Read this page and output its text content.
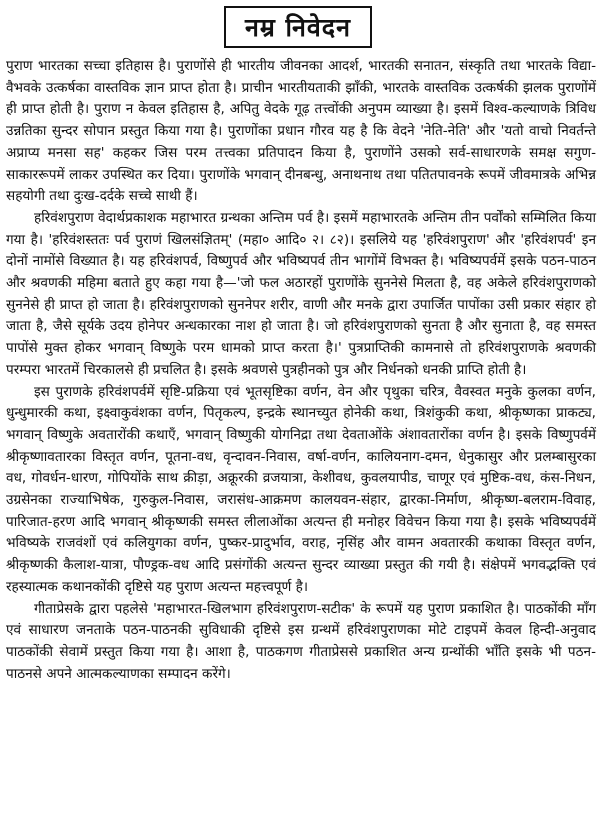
नम्र निवेदन

पुराण भारतका सच्चा इतिहास है। पुराणोंसे ही भारतीय जीवनका आदर्श, भारतकी सनातन, संस्कृति तथा भारतके विद्या-वैभवके उत्कर्षका वास्तविक ज्ञान प्राप्त होता है। प्राचीन भारतीयताकी झाँकी, भारतके वास्तविक उत्कर्षकी झलक पुराणोंमें ही प्राप्त होती है। पुराण न केवल इतिहास है, अपितु वेदके गूढ़ तत्त्वोंकी अनुपम व्याख्या है। इसमें विश्व-कल्याणके त्रिविध उन्नतिका सुन्दर सोपान प्रस्तुत किया गया है। पुराणोंका प्रधान गौरव यह है कि वेदने 'नेति-नेति' और 'यतो वाचो निवर्तन्ते अप्राप्य मनसा सह' कहकर जिस परम तत्त्वका प्रतिपादन किया है, पुराणोंने उसको सर्व-साधारणके समक्ष सगुण-साकाररूपमें लाकर उपस्थित कर दिया। पुराणोंके भगवान् दीनबन्धु, अनाथनाथ तथा पतितपावनके रूपमें जीवमात्रके अभिन्न सहयोगी तथा दुःख-दर्दके सच्चे साथी हैं।

हरिवंशपुराण वेदार्थप्रकाशक महाभारत ग्रन्थका अन्तिम पर्व है। इसमें महाभारतके अन्तिम तीन पर्वोंको सम्मिलित किया गया है। 'हरिवंशस्ततः पर्व पुराणं खिलसंज्ञितम्' (महा० आदि० २। ८२)। इसलिये यह 'हरिवंशपुराण' और 'हरिवंशपर्व' इन दोनों नामोंसे विख्यात है। यह हरिवंशपर्व, विष्णुपर्व और भविष्यपर्व तीन भागोंमें विभक्त है। भविष्यपर्वमें इसके पठन-पाठन और श्रवणकी महिमा बताते हुए कहा गया है—'जो फल अठारहों पुराणोंके सुननेसे मिलता है, वह अकेले हरिवंशपुराणको सुननेसे ही प्राप्त हो जाता है। हरिवंशपुराणको सुननेपर शरीर, वाणी और मनके द्वारा उपार्जित पापोंका उसी प्रकार संहार हो जाता है, जैसे सूर्यके उदय होनेपर अन्धकारका नाश हो जाता है। जो हरिवंशपुराणको सुनता है और सुनाता है, वह समस्त पापोंसे मुक्त होकर भगवान् विष्णुके परम धामको प्राप्त करता है।' पुत्रप्राप्तिकी कामनासे तो हरिवंशपुराणके श्रवणकी परम्परा भारतमें चिरकालसे ही प्रचलित है। इसके श्रवणसे पुत्रहीनको पुत्र और निर्धनको धनकी प्राप्ति होती है।

इस पुराणके हरिवंशपर्वमें सृष्टि-प्रक्रिया एवं भूतसृष्टिका वर्णन, वेन और पृथुका चरित्र, वैवस्वत मनुके कुलका वर्णन, धुन्धुमारकी कथा, इक्ष्वाकुवंशका वर्णन, पितृकल्प, इन्द्रके स्थानच्युत होनेकी कथा, त्रिशंकुकी कथा, श्रीकृष्णका प्राकट्य, भगवान् विष्णुके अवतारोंकी कथाएँ, भगवान् विष्णुकी योगनिद्रा तथा देवताओंके अंशावतारोंका वर्णन है। इसके विष्णुपर्वमें श्रीकृष्णावतारका विस्तृत वर्णन, पूतना-वध, वृन्दावन-निवास, वर्षा-वर्णन, कालियनाग-दमन, धेनुकासुर और प्रलम्बासुरका वध, गोवर्धन-धारण, गोपियोंके साथ क्रीड़ा, अक्रूरकी व्रजयात्रा, केशीवध, कुवलयापीड, चाणूर एवं मुष्टिक-वध, कंस-निधन, उग्रसेनका राज्याभिषेक, गुरुकुल-निवास, जरासंध-आक्रमण कालयवन-संहार, द्वारका-निर्माण, श्रीकृष्ण-बलराम-विवाह, पारिजात-हरण आदि भगवान् श्रीकृष्णकी समस्त लीलाओंका अत्यन्त ही मनोहर विवेचन किया गया है। इसके भविष्यपर्वमें भविष्यके राजवंशों एवं कलियुगका वर्णन, पुष्कर-प्रादुर्भाव, वराह, नृसिंह और वामन अवतारकी कथाका विस्तृत वर्णन, श्रीकृष्णकी कैलाश-यात्रा, पौण्ड्रक-वध आदि प्रसंगोंकी अत्यन्त सुन्दर व्याख्या प्रस्तुत की गयी है। संक्षेपमें भगवद्भक्ति एवं रहस्यात्मक कथानकोंकी दृष्टिसे यह पुराण अत्यन्त महत्त्वपूर्ण है।

गीताप्रेसके द्वारा पहलेसे 'महाभारत-खिलभाग हरिवंशपुराण-सटीक' के रूपमें यह पुराण प्रकाशित है। पाठकोंकी माँग एवं साधारण जनताके पठन-पाठनकी सुविधाकी दृष्टिसे इस ग्रन्थमें हरिवंशपुराणका मोटे टाइपमें केवल हिन्दी-अनुवाद पाठकोंकी सेवामें प्रस्तुत किया गया है। आशा है, पाठकगण गीताप्रेससे प्रकाशित अन्य ग्रन्थोंकी भाँति इसके भी पठन-पाठनसे अपने आत्मकल्याणका सम्पादन करेंगे।
